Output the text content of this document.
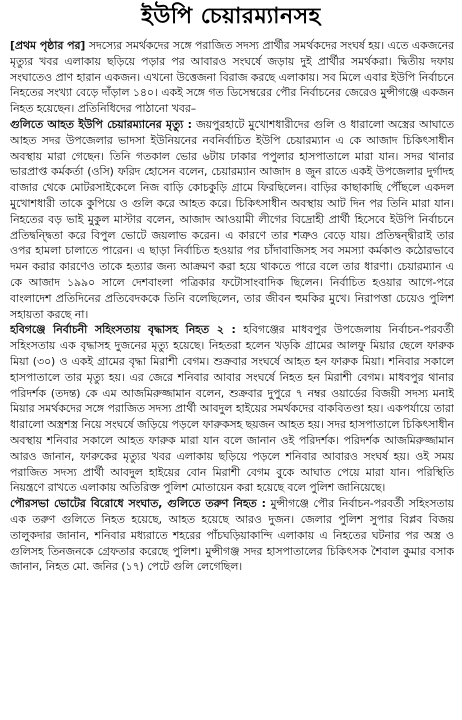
ইউপি চেয়ারম্যানসহ

[প্রথম পৃষ্ঠার পর] সদস্যের সমর্থকদের সঙ্গে পরাজিত সদস্য প্রার্থীর সমর্থকদের সংঘর্ষ হয়। এতে একজনের মৃত্যুর খবর এলাকায় ছড়িয়ে পড়ার পর আবারও সংঘর্ষে জড়ায় দুই প্রার্থীর সমর্থকরা। দ্বিতীয় দফায় সংঘাতেও প্রাণ হারান একজন। এখনো উত্তেজনা বিরাজ করছে এলাকায়। সব মিলে এবার ইউপি নির্বাচনে নিহতের সংখ্যা বেড়ে দাঁড়াল ১৪০। একই সঙ্গে গত ডিসেম্বরের পৌর নির্বাচনের জেরেও মুন্সীগঞ্জে একজন নিহত হয়েছেন। প্রতিনিধিদের পাঠানো খবর–

গুলিতে আহত ইউপি চেয়ারম্যানের মৃত্যু : জয়পুরহাটে মুখোশধারীদের গুলি ও ধারালো অস্ত্রের আঘাতে আহত সদর উপজেলার ভাদসা ইউনিয়নের নবনির্বাচিত ইউপি চেয়ারম্যান এ কে আজাদ চিকিৎসাধীন অবস্থায় মারা গেছেন। তিনি গতকাল ভোর ৬টায় ঢাকার পপুলার হাসপাতালে মারা যান। সদর থানার ভারপ্রাপ্ত কর্মকর্তা (ওসি) ফরিদ হোসেন বলেন, চেয়ারম্যান আজাদ ৪ জুন রাতে একই উপজেলার দুর্গাদহ বাজার থেকে মোটরসাইকেলে নিজ বাড়ি কোচকুড়ি গ্রামে ফিরছিলেন। বাড়ির কাছাকাছি পৌঁছলে একদল মুখোশধারী তাকে কুপিয়ে ও গুলি করে আহত করে। চিকিৎসাধীন অবস্থায় আট দিন পর তিনি মারা যান। নিহতের বড় ভাই মুকুল মাস্টার বলেন, আজাদ আওয়ামী লীগের বিদ্রোহী প্রার্থী হিসেবে ইউপি নির্বাচনে প্রতিদ্বন্দ্বিতা করে বিপুল ভোটে জয়লাভ করেন। এ কারণে তার শত্রুও বেড়ে যায়। প্রতিদ্বন্দ্বীরাই তার ওপর হামলা চালাতে পারেন। এ ছাড়া নির্বাচিত হওয়ার পর চাঁদাবাজিসহ সব সমস্যা কর্মকাণ্ড কঠোরভাবে দমন করার কারণেও তাকে হত্যার জন্য আক্রমণ করা হয়ে থাকতে পারে বলে তার ধারণা। চেয়ারম্যান এ কে আজাদ ১৯৯০ সালে দেশবাংলা পত্রিকার ফটোসাংবাদিক ছিলেন। নির্বাচিত হওয়ার আগে-পরে বাংলাদেশ প্রতিদিনের প্রতিবেদককে তিনি বলেছিলেন, তার জীবন হুমকির মুখে। নিরাপত্তা চেয়েও পুলিশ সহায়তা করছে না।

হবিগঞ্জে নির্বাচনী সহিংসতায় বৃদ্ধাসহ নিহত ২ : হবিগঞ্জের মাধবপুর উপজেলায় নির্বাচন-পরবর্তী সহিংসতায় এক বৃদ্ধাসহ দুজনের মৃত্যু হয়েছে। নিহতরা হলেন খড়কি গ্রামের আলফু মিয়ার ছেলে ফারুক মিয়া (৩০) ও একই গ্রামের বৃদ্ধা মিরাশী বেগম। শুক্রবার সংঘর্ষে আহত হন ফারুক মিয়া। শনিবার সকালে হাসপাতালে তার মৃত্যু হয়। এর জেরে শনিবার আবার সংঘর্ষে নিহত হন মিরাশী বেগম। মাধবপুর থানার পরিদর্শক (তদন্ত) কে এম আজমিরুজ্জামান বলেন, শুক্রবার দুপুরে ৭ নম্বর ওয়ার্ডের বিজয়ী সদস্য মনাই মিয়ার সমর্থকদের সঙ্গে পরাজিত সদস্য প্রার্থী আবদুল হাইয়ের সমর্থকদের বাকবিতণ্ডা হয়। একপর্যায়ে তারা ধারালো অস্ত্রশস্ত্র নিয়ে সংঘর্ষে জড়িয়ে পড়লে ফারুকসহ ছয়জন আহত হয়। সদর হাসপাতালে চিকিৎসাধীন অবস্থায় শনিবার সকালে আহত ফারুক মারা যান বলে জানান ওই পরিদর্শক। পরিদর্শক আজমিরুজ্জামান আরও জানান, ফারুকের মৃত্যুর খবর এলাকায় ছড়িয়ে পড়লে শনিবার আবারও সংঘর্ষ হয়। ওই সময় পরাজিত সদস্য প্রার্থী আবদুল হাইয়ের বোন মিরাশী বেগম বুকে আঘাত পেয়ে মারা যান। পরিস্থিতি নিয়ন্ত্রণে রাখতে এলাকায় অতিরিক্ত পুলিশ মোতায়েন করা হয়েছে বলে পুলিশ জানিয়েছে।

পৌরসভা ভোটের বিরোধে সংঘাত, গুলিতে তরুণ নিহত : মুন্সীগঞ্জে পৌর নির্বাচন-পরবর্তী সহিংসতায় এক তরুণ গুলিতে নিহত হয়েছে, আহত হয়েছে আরও দুজন। জেলার পুলিশ সুপার বিপ্লব বিজয় তালুকদার জানান, শনিবার মধ্যরাতে শহরের পাঁচঘড়িয়াকান্দি এলাকায় এ নিহতের ঘটনার পর অস্ত্র ও গুলিসহ তিনজনকে গ্রেফতার করেছে পুলিশ। মুন্সীগঞ্জ সদর হাসপাতালের চিকিৎসক শৈবাল কুমার বসাক জানান, নিহত মো. জনির (১৭) পেটে গুলি লেগেছিল।
